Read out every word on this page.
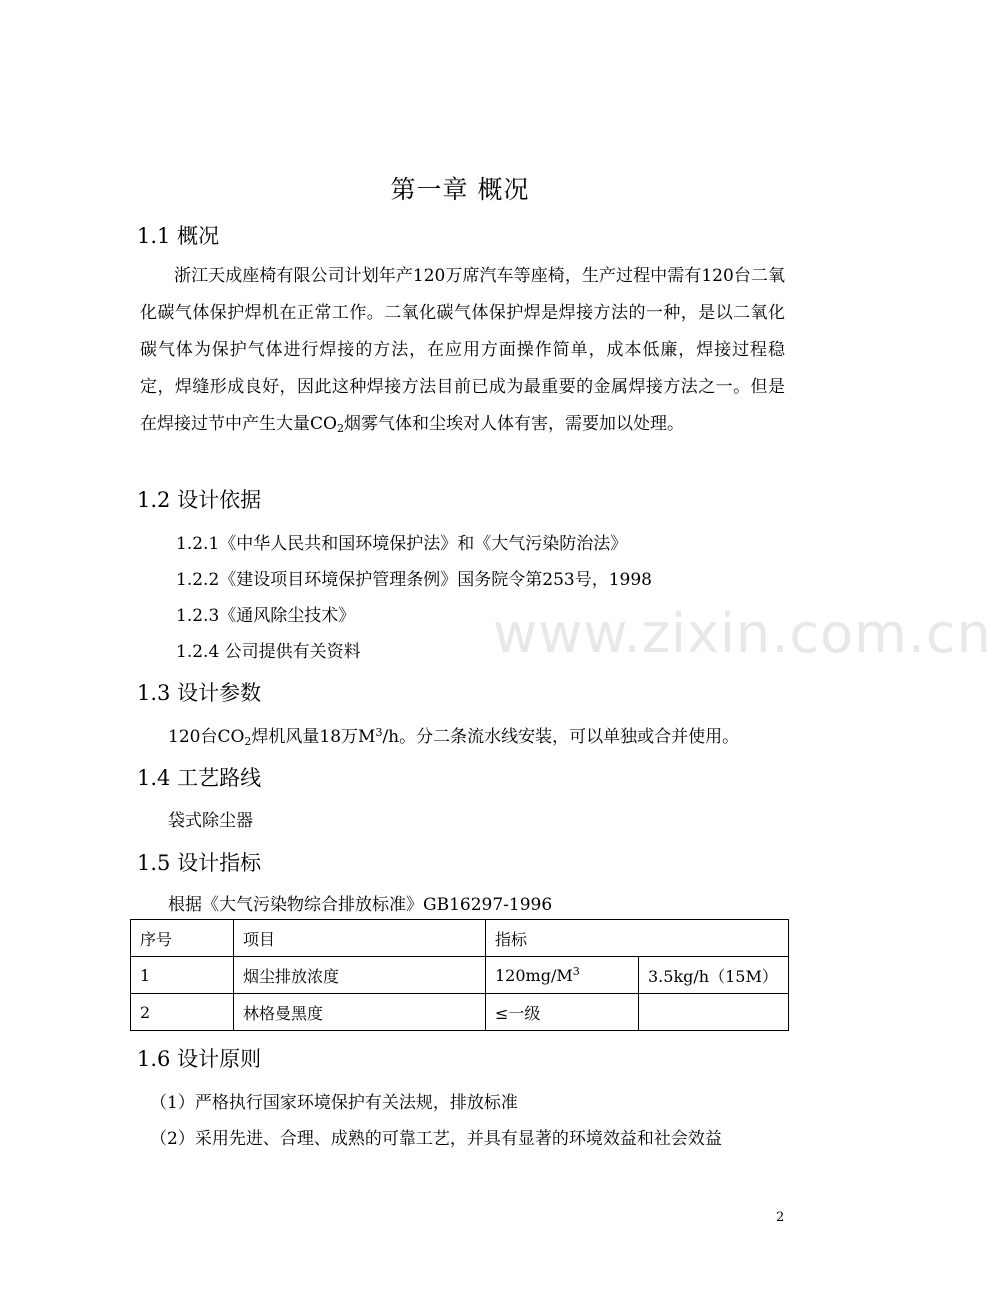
www.zixin.com.cn
第一章 概况
1.1 概况
浙江天成座椅有限公司计划年产120万席汽车等座椅，生产过程中需有120台二氧化碳气体保护焊机在正常工作。二氧化碳气体保护焊是焊接方法的一种，是以二氧化碳气体为保护气体进行焊接的方法，在应用方面操作简单，成本低廉，焊接过程稳定，焊缝形成良好，因此这种焊接方法目前已成为最重要的金属焊接方法之一。但是在焊接过节中产生大量$CO_2$烟雾气体和尘埃对人体有害，需要加以处理。
1.2 设计依据
1.2.1《中华人民共和国环境保护法》和《大气污染防治法》
1.2.2《建设项目环境保护管理条例》国务院令第253号，1998
1.2.3《通风除尘技术》
1.2.4 公司提供有关资料
1.3 设计参数
120台$CO_2$焊机风量18万$M^3/h$。分二条流水线安装，可以单独或合并使用。
1.4 工艺路线
袋式除尘器
1.5 设计指标
根据《大气污染物综合排放标准》GB16297-1996
序号	项目	指标	
1	烟尘排放浓度	$120mg/M^3$	3.5kg/h（15M）
2	林格曼黑度	≤一级	
1.6 设计原则
（1）严格执行国家环境保护有关法规，排放标准
（2）采用先进、合理、成熟的可靠工艺，并具有显著的环境效益和社会效益
2
